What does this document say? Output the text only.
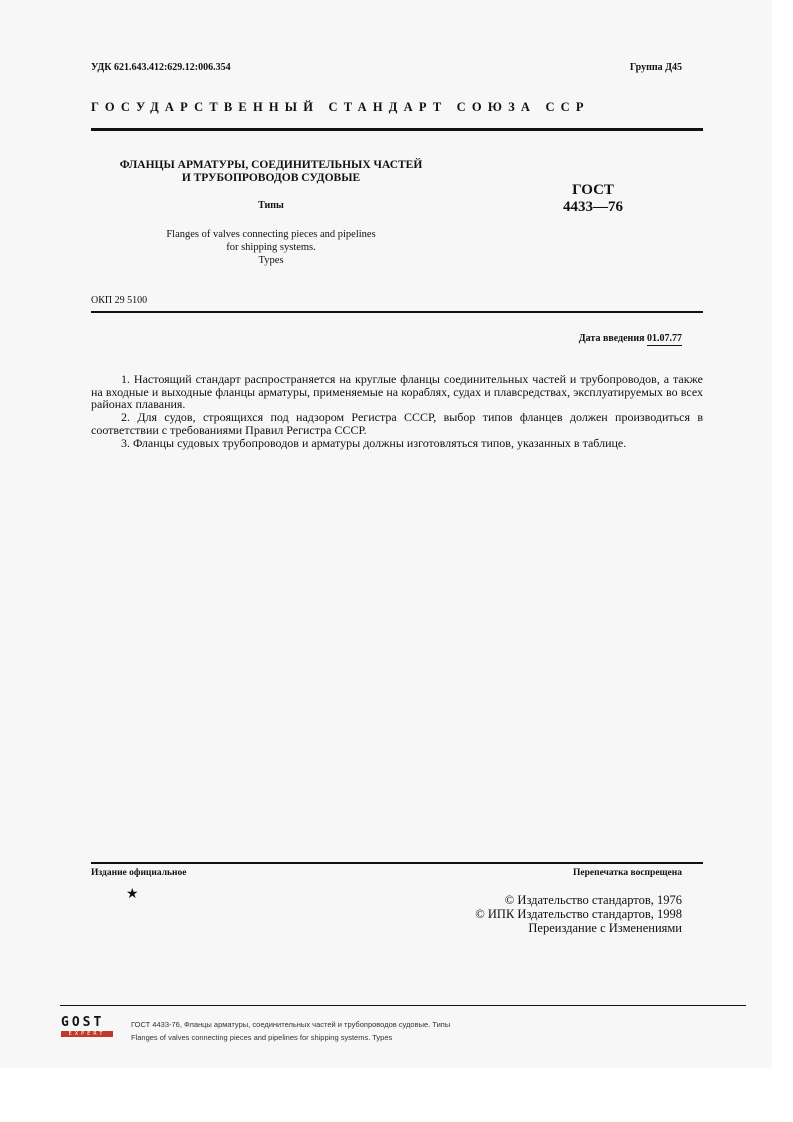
УДК 621.643.412:629.12:006.354	Группа Д45
ГОСУДАРСТВЕННЫЙ СТАНДАРТ СОЮЗА ССР
ФЛАНЦЫ АРМАТУРЫ, СОЕДИНИТЕЛЬНЫХ ЧАСТЕЙ
И ТРУБОПРОВОДОВ СУДОВЫЕ
Типы
Flanges of valves connecting pieces and pipelines
for shipping systems.
Types
ГОСТ
4433—76
ОКП 29 5100
Дата введения 01.07.77

1. Настоящий стандарт распространяется на круглые фланцы соединительных частей и трубопроводов, а также на входные и выходные фланцы арматуры, применяемые на кораблях, судах и плавсредствах, эксплуатируемых во всех районах плавания.

2. Для судов, строящихся под надзором Регистра СССР, выбор типов фланцев должен производиться в соответствии с требованиями Правил Регистра СССР.

3. Фланцы судовых трубопроводов и арматуры должны изготовляться типов, указанных в таблице.

Издание официальное	Перепечатка воспрещена
★	© Издательство стандартов, 1976
© ИПК Издательство стандартов, 1998
Переиздание с Изменениями
GOST
EXPERT
ГОСТ 4433-76, Фланцы арматуры, соединительных частей и трубопроводов судовые. Типы
Flanges of valves connecting pieces and pipelines for shipping systems. Types
